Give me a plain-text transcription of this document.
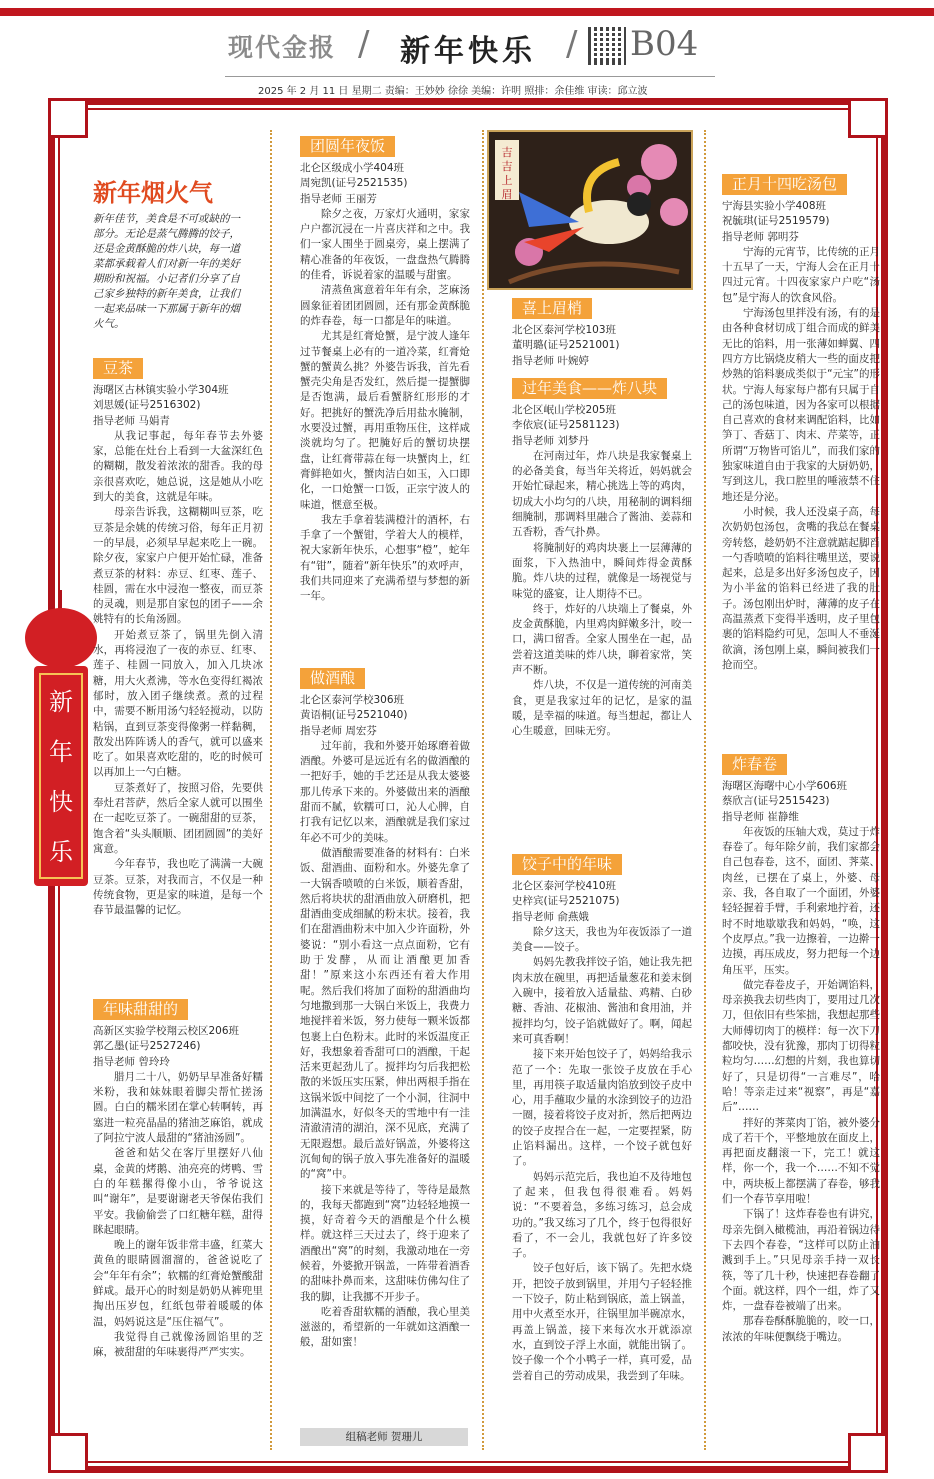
现代金报 / 新年快乐 / B04
2025 年 2 月 11 日 星期二 责编：王妙妙 徐徐 美编：许明 照排：余佳维 审读：邱立波
新
年
快
乐
新年烟火气
新年佳节，美食是不可或缺的一部分。无论是蒸气腾腾的饺子，还是金黄酥脆的炸八块，每一道菜都承载着人们对新一年的美好期盼和祝福。小记者们分享了自己家乡独特的新年美食，让我们一起来品味一下那属于新年的烟火气。
豆茶

海曙区古林镇实验小学304班

刘思媛(证号2516302)

指导老师 马娟青

从我记事起，每年春节去外婆家，总能在灶台上看到一大盆深红色的糊糊，散发着浓浓的甜香。我的母亲很喜欢吃，她总说，这是她从小吃到大的美食，这就是年味。

母亲告诉我，这糊糊叫豆茶，吃豆茶是余姚的传统习俗，每年正月初一的早晨，必须早早起来吃上一碗。除夕夜，家家户户便开始忙碌，准备煮豆茶的材料：赤豆、红枣、莲子、桂圆，需在水中浸泡一整夜，而豆茶的灵魂，则是那自家包的团子——余姚特有的长角汤圆。

开始煮豆茶了，锅里先倒入清水，再将浸泡了一夜的赤豆、红枣、莲子、桂圆一同放入，加入几块冰糖，用大火煮沸，等水色变得红褐浓郁时，放入团子继续煮。煮的过程中，需要不断用汤勺轻轻搅动，以防粘锅，直到豆茶变得像粥一样黏稠，散发出阵阵诱人的香气，就可以盛来吃了。如果喜欢吃甜的，吃的时候可以再加上一勺白糖。

豆茶煮好了，按照习俗，先要供奉灶君菩萨，然后全家人就可以围坐在一起吃豆茶了。一碗甜甜的豆茶，饱含着“头头顺顺、团团圆圆”的美好寓意。

今年春节，我也吃了满满一大碗豆茶。豆茶，对我而言，不仅是一种传统食物，更是家的味道，是每一个春节最温馨的记忆。

年味甜甜的

高新区实验学校翔云校区206班

郭乙墨(证号2527246)

指导老师 曾玲玲

腊月二十八，奶奶早早准备好糯米粉，我和妹妹眼着脚尖帮忙搓汤圆。白白的糯米团在掌心转啊转，再塞进一粒亮晶晶的猪油芝麻馅，就成了阿拉宁波人最甜的“猪油汤圆”。

爸爸和姑父在客厅里摆好八仙桌，金黄的烤鹅、油亮亮的烤鸭、雪白的年糕摞得像小山，爷爷说这叫“谢年”，是要谢谢老天爷保佑我们平安。我偷偷尝了口红糖年糕，甜得眯起眼睛。

晚上的谢年饭非常丰盛，红菜大黄鱼的眼睛圆溜溜的，爸爸说吃了会“年年有余”；软糯的红膏炝蟹酸甜鲜咸。最开心的时刻是奶奶从裤兜里掏出压岁包，红纸包带着暖暖的体温，妈妈说这是“压住福气”。

我觉得自己就像汤圆馅里的芝麻，被甜甜的年味裹得严严实实。

团圆年夜饭

北仑区级成小学404班

周宛凯(证号2521535)

指导老师 王丽芳

除夕之夜，万家灯火通明，家家户户都沉浸在一片喜庆祥和之中。我们一家人围坐于圆桌旁，桌上摆满了精心准备的年夜饭，一盘盘热气腾腾的佳肴，诉说着家的温暖与甜蜜。

清蒸鱼寓意着年年有余，芝麻汤圆象征着团团圆圆，还有那金黄酥脆的炸春卷，每一口都是年的味道。

尤其是红膏炝蟹，是宁波人逢年过节餐桌上必有的一道冷菜，红膏炝蟹的蟹黄么挑？外婆告诉我，首先看蟹壳尖角是否发红，然后提一提蟹脚是否饱满，最后看蟹脐红形形的才好。把挑好的蟹洗净后用盐水腌制，水要没过蟹，再用重物压住，这样咸淡就均匀了。把腌好后的蟹切块摆盘，让红膏带蒜在每一块蟹肉上，红膏鲜艳如火，蟹肉洁白如玉，入口即化，一口炝蟹一口饭，正宗宁波人的味道，惬意至极。

我左手拿着装满橙汁的酒杯，右手拿了一个蟹钳，学着大人的模样，祝大家新年快乐，心想事“橙”，蛇年有“钳”，随着“新年快乐”的欢呼声，我们共同迎来了充满希望与梦想的新一年。

做酒酿

北仑区泰河学校306班

黄语桐(证号2521040)

指导老师 周宏芬

过年前，我和外婆开始琢磨着做酒酿。外婆可是远近有名的做酒酿的一把好手，她的手艺还是从我太婆婆那儿传承下来的。外婆做出来的酒酿甜而不腻，软糯可口，沁人心脾，自打我有记忆以来，酒酿就是我们家过年必不可少的美味。

做酒酿需要准备的材料有：白米饭、甜酒曲、面粉和水。外婆先拿了一大锅香喷喷的白米饭，顺着香甜，然后将块状的甜酒曲放入研磨机，把甜酒曲变成细腻的粉末状。接着，我们在甜酒曲粉末中加入少许面粉，外婆说：“别小看这一点点面粉，它有助于发酵，从而让酒酿更加香甜！”原来这小东西还有着大作用呢。然后我们将加了面粉的甜酒曲均匀地撒到那一大锅白米饭上，我费力地搅拌着米饭，努力使每一颗米饭都包裹上白色粉末。此时的米饭温度正好，我想象着香甜可口的酒酿，干起活来更起劲儿了。搅拌均匀后我把松散的米饭压实压紧，伸出两根手指在这锅米饭中间挖了一个小洞，往洞中加满温水，好似冬天的雪地中有一洼清澈清清的湖泊，深不见底，充满了无限遐想。最后盖好锅盖，外婆将这沉甸甸的锅子放入事先准备好的温暖的“窝”中。

接下来就是等待了，等待是最熬的，我每天都跑到“窝”边轻轻地摸一摸，好奇着今天的酒酿是个什么模样。就这样三天过去了，终于迎来了酒酿出“窝”的时刻，我激动地在一旁候着，外婆掀开锅盖，一阵带着酒香的甜味扑鼻而来，这甜味仿佛勾住了我的脚，让我挪不开步子。

吃着香甜软糯的酒酿，我心里美滋滋的，希望新的一年就如这酒酿一般，甜如蜜！

组稿老师 贺珊儿
吉
吉
上
眉
喜上眉梢

北仑区泰河学校103班

董明璐(证号2521001)

指导老师 叶婉婷

过年美食——炸八块

北仑区岷山学校205班

李依宸(证号2581123)

指导老师 刘梦丹

在河南过年，炸八块是我家餐桌上的必备美食，每当年关将近，妈妈就会开始忙碌起来，精心挑选上等的鸡肉，切成大小均匀的八块，用秘制的调料细细腌制，那调料里融合了酱油、姜蒜和五香粉，香气扑鼻。

将腌制好的鸡肉块裹上一层薄薄的面浆，下入热油中，瞬间炸得金黄酥脆。炸八块的过程，就像是一场视觉与味觉的盛宴，让人期待不已。

终于，炸好的八块端上了餐桌，外皮金黄酥脆，内里鸡肉鲜嫩多汁，咬一口，满口留香。全家人围坐在一起，品尝着这道美味的炸八块，聊着家常，笑声不断。

炸八块，不仅是一道传统的河南美食，更是我家过年的记忆，是家的温暖，是幸福的味道。每当想起，都让人心生暖意，回味无穷。

饺子中的年味

北仑区泰河学校410班

史梓宾(证号2521075)

指导老师 俞燕娥

除夕这天，我也为年夜饭添了一道美食——饺子。

妈妈先教我拌饺子馅，她让我先把肉末放在碗里，再把适量葱花和姜末倒入碗中，接着放入适量盐、鸡精、白砂糖、香油、花椒油、酱油和食用油，并搅拌均匀，饺子馅就做好了。啊，闻起来可真香啊！

接下来开始包饺子了，妈妈给我示范了一个：先取一张饺子皮放在手心里，再用筷子取适量肉馅放到饺子皮中心，用手蘸取少量的水涂到饺子的边沿一圈，接着将饺子皮对折，然后把两边的饺子皮捏合在一起，一定要捏紧，防止馅料漏出。这样，一个饺子就包好了。

妈妈示范完后，我也迫不及待地包了起来，但我包得很难看。妈妈说：“不要着急，多练习练习，总会成功的。”我又练习了几个，终于包得很好看了，不一会儿，我就包好了许多饺子。

饺子包好后，该下锅了。先把水烧开，把饺子放到锅里，并用勺子轻轻推一下饺子，防止粘到锅底，盖上锅盖，用中火煮至水开，往锅里加半碗凉水，再盖上锅盖，接下来每次水开就添凉水，直到饺子浮上水面，就能出锅了。饺子像一个个小鸭子一样，真可爱，品尝着自己的劳动成果，我尝到了年味。

正月十四吃汤包

宁海县实验小学408班

祝毓琪(证号2519579)

指导老师 郭明芬

宁海的元宵节，比传统的正月十五早了一天，宁海人会在正月十四过元宵。十四夜家家户户吃“汤包”是宁海人的饮食风俗。

宁海汤包里拌没有汤，有的是由各种食材切成丁组合而成的鲜美无比的馅料，用一张薄如蝉翼、四四方方比锅烧皮稍大一些的面皮把炒熟的馅料裹成类似于“元宝”的形状。宁海人每家每户都有只属于自己的汤包味道，因为各家可以根据自己喜欢的食材来调配馅料，比如笋丁、香菇丁、肉末、芹菜等，正所谓“万物皆可馅儿”，而我们家的独家味道自由于我家的大厨奶奶，写到这儿，我口腔里的唾液禁不住地还是分泌。

小时候，我人还没桌子高，每次奶奶包汤包，贪嘴的我总在餐桌旁转悠，趁奶奶不注意就踮起脚舀一勺香喷喷的馅料往嘴里送，要说起来，总是多出好多汤包皮子，因为小半盆的馅料已经进了我的肚子。汤包刚出炉时，薄薄的皮子在高温蒸煮下变得半透明，皮子里包裹的馅料隐约可见，怎叫人不垂涎欲滴，汤包刚上桌，瞬间被我们一抢而空。

炸春卷

海曙区海曙中心小学606班

蔡欣言(证号2515423)

指导老师 崔静维

年夜饭的压轴大戏，莫过于炸春卷了。每年除夕前，我们家都会自己包春卷，这不，面团、荠菜、肉丝，已摆在了桌上，外婆、母亲、我，各自取了一个面团，外婆轻轻握着手臂，手利索地拧着，还时不时地歇歇我和妈妈，“唤，这个皮厚点。”我一边擦着，一边擀一边摸，再压成皮，努力把每一个边角压平，压实。

做完春卷皮子，开始调馅料，母亲换我去切些肉丁，要用过几次刀，但依旧有些笨拙，我想起那些大师傅切肉丁的模样：每一次下刀都咬快，没有犹豫，那肉丁切得粒粒均匀……幻想的片刻，我也算切好了，只是切得“一言难尽”，哈哈！等亲走过来“视察”，再是“嘉后”……

拌好的荠菜肉丁馅，被外婆分成了若干个，平整地放在面皮上，再把面皮翻滚一下，完工！就这样，你一个，我一个……不知不觉中，两块板上都摆满了春卷，够我们一个春节享用啦！

下锅了！这炸春卷也有讲究，母亲先倒入橄榄油，再沿着锅边待下去四个春卷，“这样可以防止油溅到手上。”只见母亲手持一双长筷，等了几十秒，快速把春卷翻了个面。就这样，四个一组，炸了又炸，一盘春卷被端了出来。

那春卷酥酥脆脆的，咬一口，浓浓的年味便飘绕于嘴边。
